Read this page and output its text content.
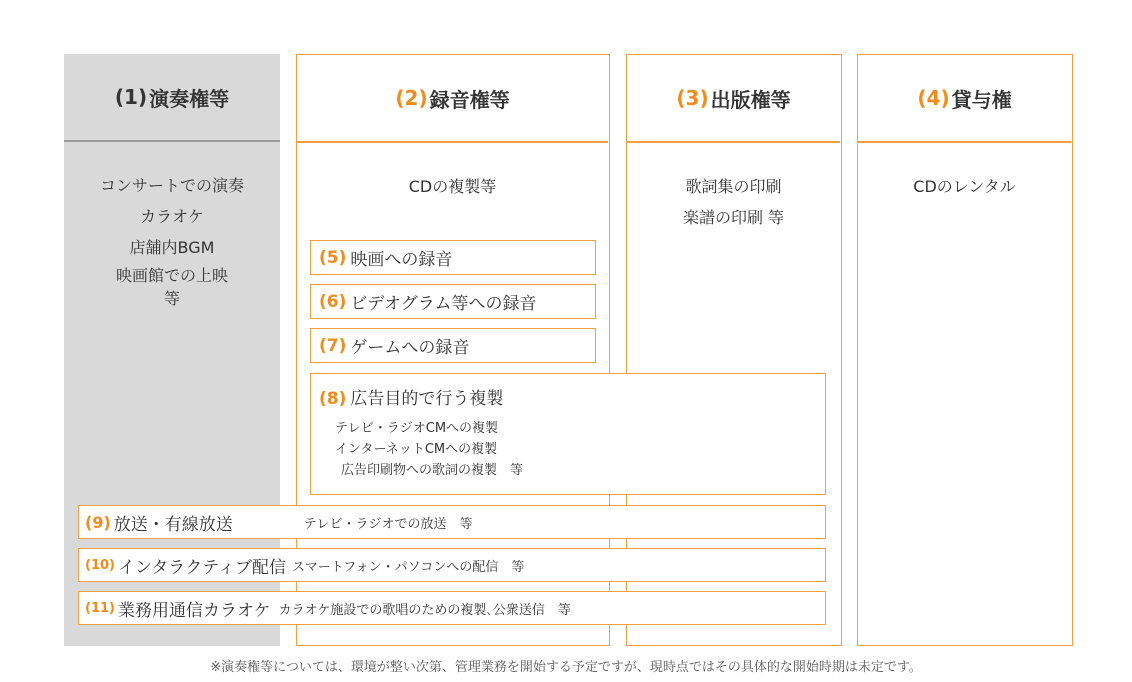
(1) 演奏権等
コンサートでの演奏
カラオケ
店舗内BGM
映画館での上映
等
(2) 録音権等
CDの複製等
(3) 出版権等
歌詞集の印刷
楽譜の印刷 等
(4) 貸与権
CDのレンタル
(5) 映画への録音
(6) ビデオグラム等への録音
(7) ゲームへの録音
(8) 広告目的で行う複製
テレビ・ラジオCMへの複製
インターネットCMへの複製
広告印刷物への歌詞の複製　等
(9) 放送・有線放送	テレビ・ラジオでの放送　等
(10) インタラクティブ配信 スマートフォン・パソコンへの配信　等
(11) 業務用通信カラオケ カラオケ施設での歌唱のための複製､公衆送信　等
※演奏権等については、環境が整い次第、管理業務を開始する予定ですが、現時点ではその具体的な開始時期は未定です。
